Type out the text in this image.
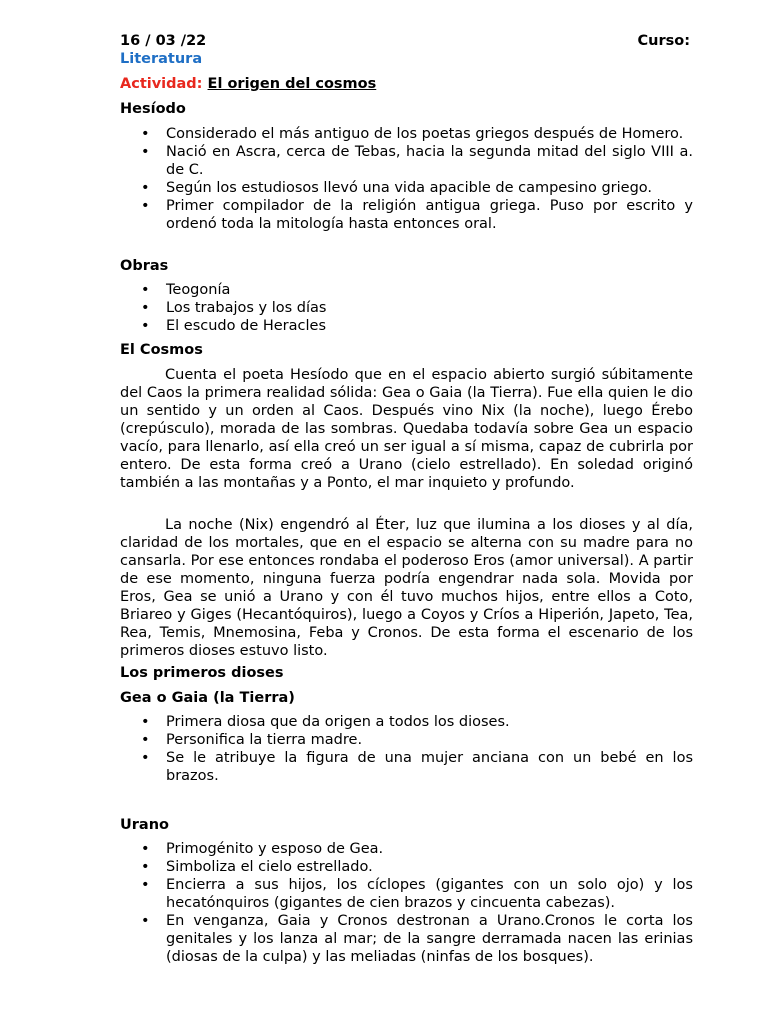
16 / 03 /22	Curso:
Literatura
Actividad: El origen del cosmos
Hesíodo
• Considerado el más antiguo de los poetas griegos después de Homero.
• Nació en Ascra, cerca de Tebas, hacia la segunda mitad del siglo VIII a. de C.
• Según los estudiosos llevó una vida apacible de campesino griego.
• Primer compilador de la religión antigua griega. Puso por escrito y ordenó toda la mitología hasta entonces oral.
Obras
• Teogonía
• Los trabajos y los días
• El escudo de Heracles
El Cosmos

Cuenta el poeta Hesíodo que en el espacio abierto surgió súbitamente del Caos la primera realidad sólida: Gea o Gaia (la Tierra). Fue ella quien le dio un sentido y un orden al Caos. Después vino Nix (la noche), luego Érebo (crepúsculo), morada de las sombras. Quedaba todavía sobre Gea un espacio vacío, para llenarlo, así ella creó un ser igual a sí misma, capaz de cubrirla por entero. De esta forma creó a Urano (cielo estrellado). En soledad originó también a las montañas y a Ponto, el mar inquieto y profundo.

La noche (Nix) engendró al Éter, luz que ilumina a los dioses y al día, claridad de los mortales, que en el espacio se alterna con su madre para no cansarla. Por ese entonces rondaba el poderoso Eros (amor universal). A partir de ese momento, ninguna fuerza podría engendrar nada sola. Movida por Eros, Gea se unió a Urano y con él tuvo muchos hijos, entre ellos a Coto, Briareo y Giges (Hecantóquiros), luego a Coyos y Críos a Hiperión, Japeto, Tea, Rea, Temis, Mnemosina, Feba y Cronos. De esta forma el escenario de los primeros dioses estuvo listo.

Los primeros dioses
Gea o Gaia (la Tierra)
• Primera diosa que da origen a todos los dioses.
• Personifica la tierra madre.
• Se le atribuye la figura de una mujer anciana con un bebé en los brazos.
Urano
• Primogénito y esposo de Gea.
• Simboliza el cielo estrellado.
• Encierra a sus hijos, los cíclopes (gigantes con un solo ojo) y los hecatónquiros (gigantes de cien brazos y cincuenta cabezas).
• En venganza, Gaia y Cronos destronan a Urano.Cronos le corta los genitales y los lanza al mar; de la sangre derramada nacen las erinias (diosas de la culpa) y las meliadas (ninfas de los bosques).
